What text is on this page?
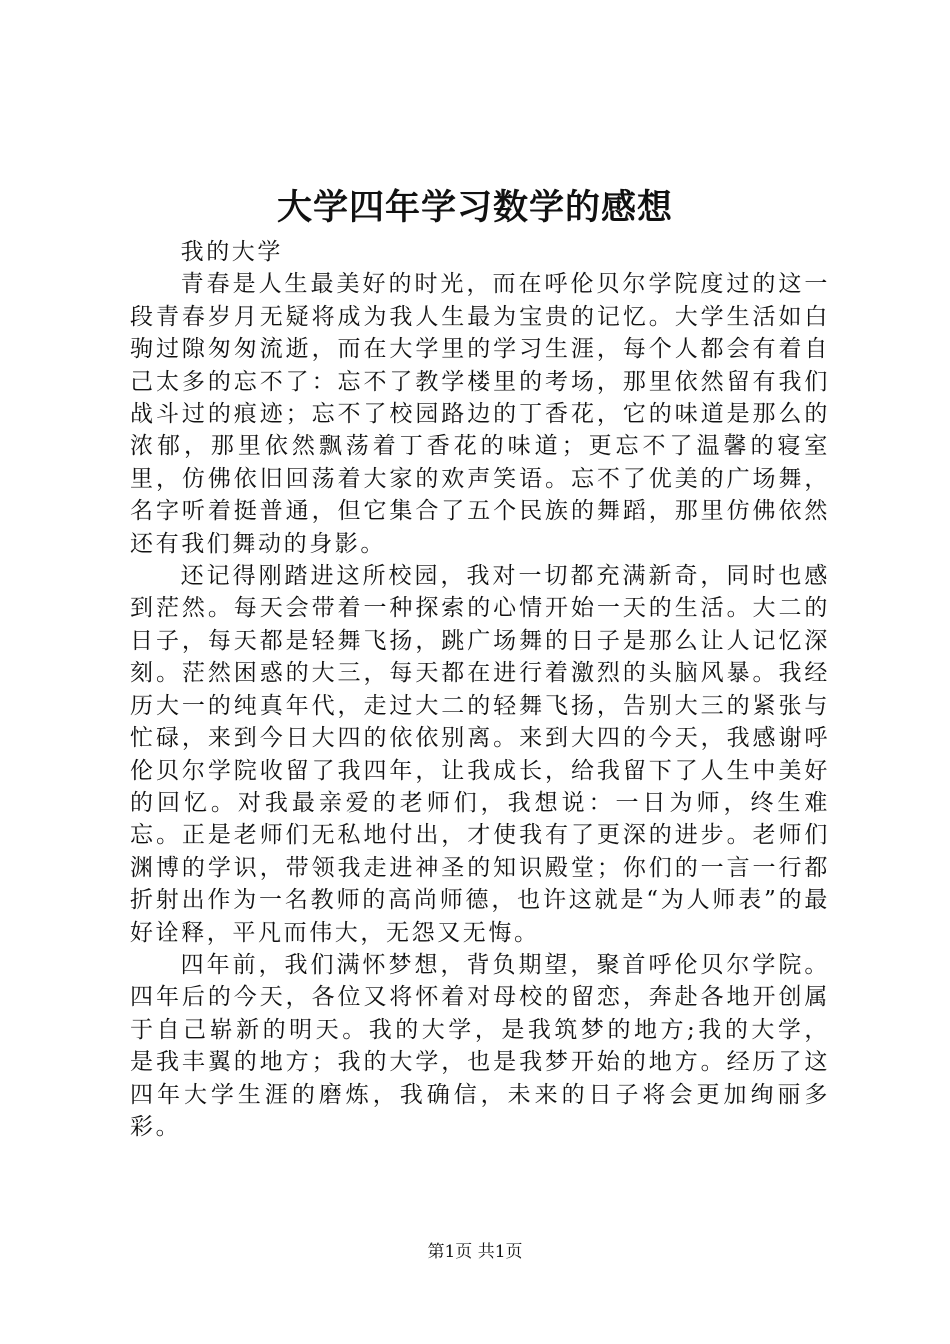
大学四年学习数学的感想

我的大学

青春是人生最美好的时光，而在呼伦贝尔学院度过的这一段青春岁月无疑将成为我人生最为宝贵的记忆。大学生活如白驹过隙匆匆流逝，而在大学里的学习生涯，每个人都会有着自己太多的忘不了：忘不了教学楼里的考场，那里依然留有我们战斗过的痕迹；忘不了校园路边的丁香花，它的味道是那么的浓郁，那里依然飘荡着丁香花的味道；更忘不了温馨的寝室里，仿佛依旧回荡着大家的欢声笑语。忘不了优美的广场舞，名字听着挺普通，但它集合了五个民族的舞蹈，那里仿佛依然还有我们舞动的身影。

还记得刚踏进这所校园，我对一切都充满新奇，同时也感到茫然。每天会带着一种探索的心情开始一天的生活。大二的日子，每天都是轻舞飞扬，跳广场舞的日子是那么让人记忆深刻。茫然困惑的大三，每天都在进行着激烈的头脑风暴。我经历大一的纯真年代，走过大二的轻舞飞扬，告别大三的紧张与忙碌，来到今日大四的依依别离。来到大四的今天，我感谢呼伦贝尔学院收留了我四年，让我成长，给我留下了人生中美好的回忆。对我最亲爱的老师们，我想说：一日为师，终生难忘。正是老师们无私地付出，才使我有了更深的进步。老师们渊博的学识，带领我走进神圣的知识殿堂；你们的一言一行都折射出作为一名教师的高尚师德，也许这就是“为人师表”的最好诠释，平凡而伟大，无怨又无悔。

四年前，我们满怀梦想，背负期望，聚首呼伦贝尔学院。四年后的今天，各位又将怀着对母校的留恋，奔赴各地开创属于自己崭新的明天。我的大学，是我筑梦的地方;我的大学，是我丰翼的地方；我的大学，也是我梦开始的地方。经历了这四年大学生涯的磨炼，我确信，未来的日子将会更加绚丽多彩。

第1页 共1页
